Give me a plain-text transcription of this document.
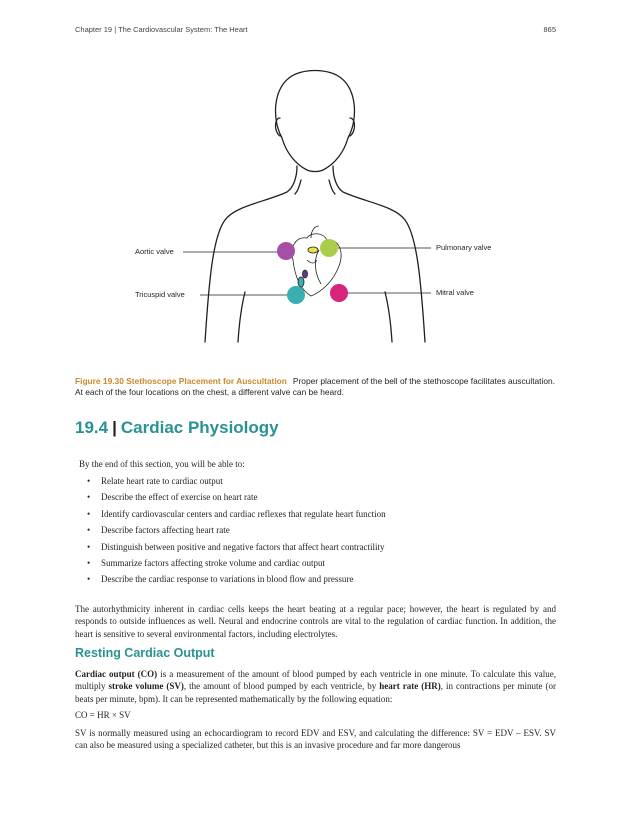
Chapter 19 | The Cardiovascular System: The Heart	865
Aortic valve	Pulmonary valve
Tricuspid valve	Mitral valve
Figure 19.30 Stethoscope Placement for Auscultation Proper placement of the bell of the stethoscope facilitates auscultation. At each of the four locations on the chest, a different valve can be heard.
19.4 | Cardiac Physiology
By the end of this section, you will be able to:
• Relate heart rate to cardiac output
• Describe the effect of exercise on heart rate
• Identify cardiovascular centers and cardiac reflexes that regulate heart function
• Describe factors affecting heart rate
• Distinguish between positive and negative factors that affect heart contractility
• Summarize factors affecting stroke volume and cardiac output
• Describe the cardiac response to variations in blood flow and pressure

The autorhythmicity inherent in cardiac cells keeps the heart beating at a regular pace; however, the heart is regulated by and responds to outside influences as well. Neural and endocrine controls are vital to the regulation of cardiac function. In addition, the heart is sensitive to several environmental factors, including electrolytes.

Resting Cardiac Output

Cardiac output (CO) is a measurement of the amount of blood pumped by each ventricle in one minute. To calculate this value, multiply stroke volume (SV), the amount of blood pumped by each ventricle, by heart rate (HR), in contractions per minute (or beats per minute, bpm). It can be represented mathematically by the following equation:

CO = HR × SV

SV is normally measured using an echocardiogram to record EDV and ESV, and calculating the difference: SV = EDV – ESV. SV can also be measured using a specialized catheter, but this is an invasive procedure and far more dangerous
